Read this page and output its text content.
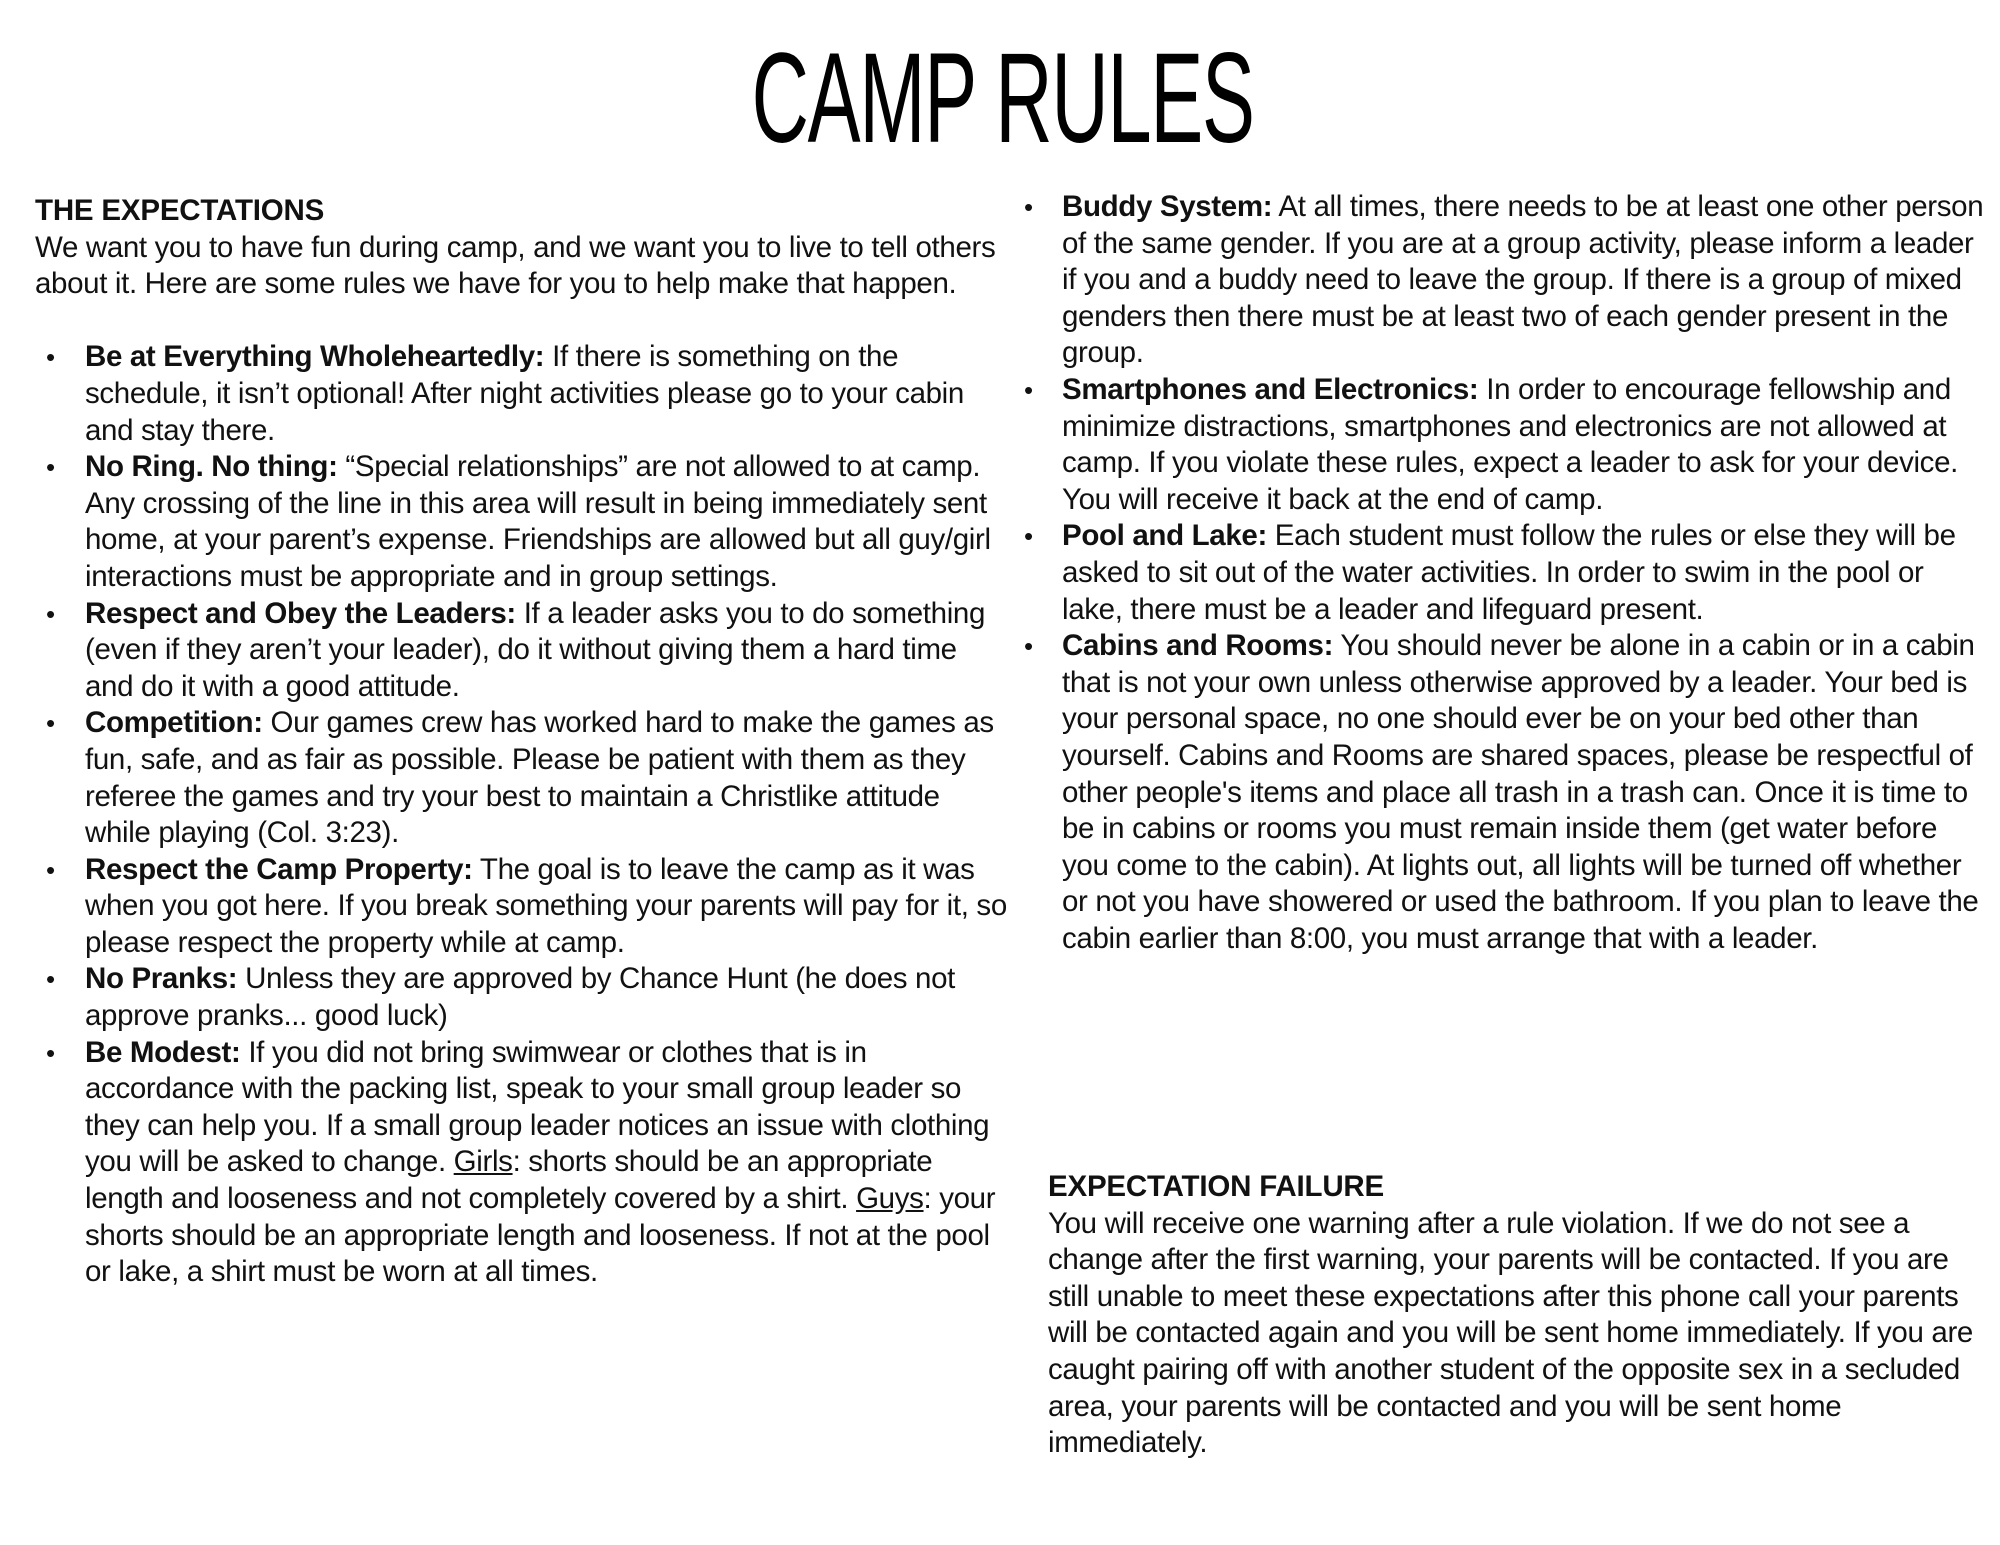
CAMP RULES
THE EXPECTATIONS

We want you to have fun during camp, and we want you to live to tell others about it. Here are some rules we have for you to help make that happen.

• Be at Everything Wholeheartedly: If there is something on the schedule, it isn’t optional! After night activities please go to your cabin and stay there.
• No Ring. No thing: “Special relationships” are not allowed to at camp. Any crossing of the line in this area will result in being immediately sent home, at your parent’s expense. Friendships are allowed but all guy/girl interactions must be appropriate and in group settings.
• Respect and Obey the Leaders: If a leader asks you to do something (even if they aren’t your leader), do it without giving them a hard time and do it with a good attitude.
• Competition: Our games crew has worked hard to make the games as fun, safe, and as fair as possible. Please be patient with them as they referee the games and try your best to maintain a Christlike attitude while playing (Col. 3:23).
• Respect the Camp Property: The goal is to leave the camp as it was when you got here. If you break something your parents will pay for it, so please respect the property while at camp.
• No Pranks: Unless they are approved by Chance Hunt (he does not approve pranks... good luck)
• Be Modest: If you did not bring swimwear or clothes that is in accordance with the packing list, speak to your small group leader so they can help you. If a small group leader notices an issue with clothing you will be asked to change. Girls: shorts should be an appropriate length and looseness and not completely covered by a shirt. Guys: your shorts should be an appropriate length and looseness. If not at the pool or lake, a shirt must be worn at all times.
• Buddy System: At all times, there needs to be at least one other person of the same gender. If you are at a group activity, please inform a leader if you and a buddy need to leave the group. If there is a group of mixed genders then there must be at least two of each gender present in the group.
• Smartphones and Electronics: In order to encourage fellowship and minimize distractions, smartphones and electronics are not allowed at camp. If you violate these rules, expect a leader to ask for your device. You will receive it back at the end of camp.
• Pool and Lake: Each student must follow the rules or else they will be asked to sit out of the water activities. In order to swim in the pool or lake, there must be a leader and lifeguard present.
• Cabins and Rooms: You should never be alone in a cabin or in a cabin that is not your own unless otherwise approved by a leader. Your bed is your personal space, no one should ever be on your bed other than yourself. Cabins and Rooms are shared spaces, please be respectful of other people's items and place all trash in a trash can. Once it is time to be in cabins or rooms you must remain inside them (get water before you come to the cabin). At lights out, all lights will be turned off whether or not you have showered or used the bathroom. If you plan to leave the cabin earlier than 8:00, you must arrange that with a leader.
EXPECTATION FAILURE

You will receive one warning after a rule violation. If we do not see a change after the first warning, your parents will be contacted. If you are still unable to meet these expectations after this phone call your parents will be contacted again and you will be sent home immediately. If you are caught pairing off with another student of the opposite sex in a secluded area, your parents will be contacted and you will be sent home immediately.
